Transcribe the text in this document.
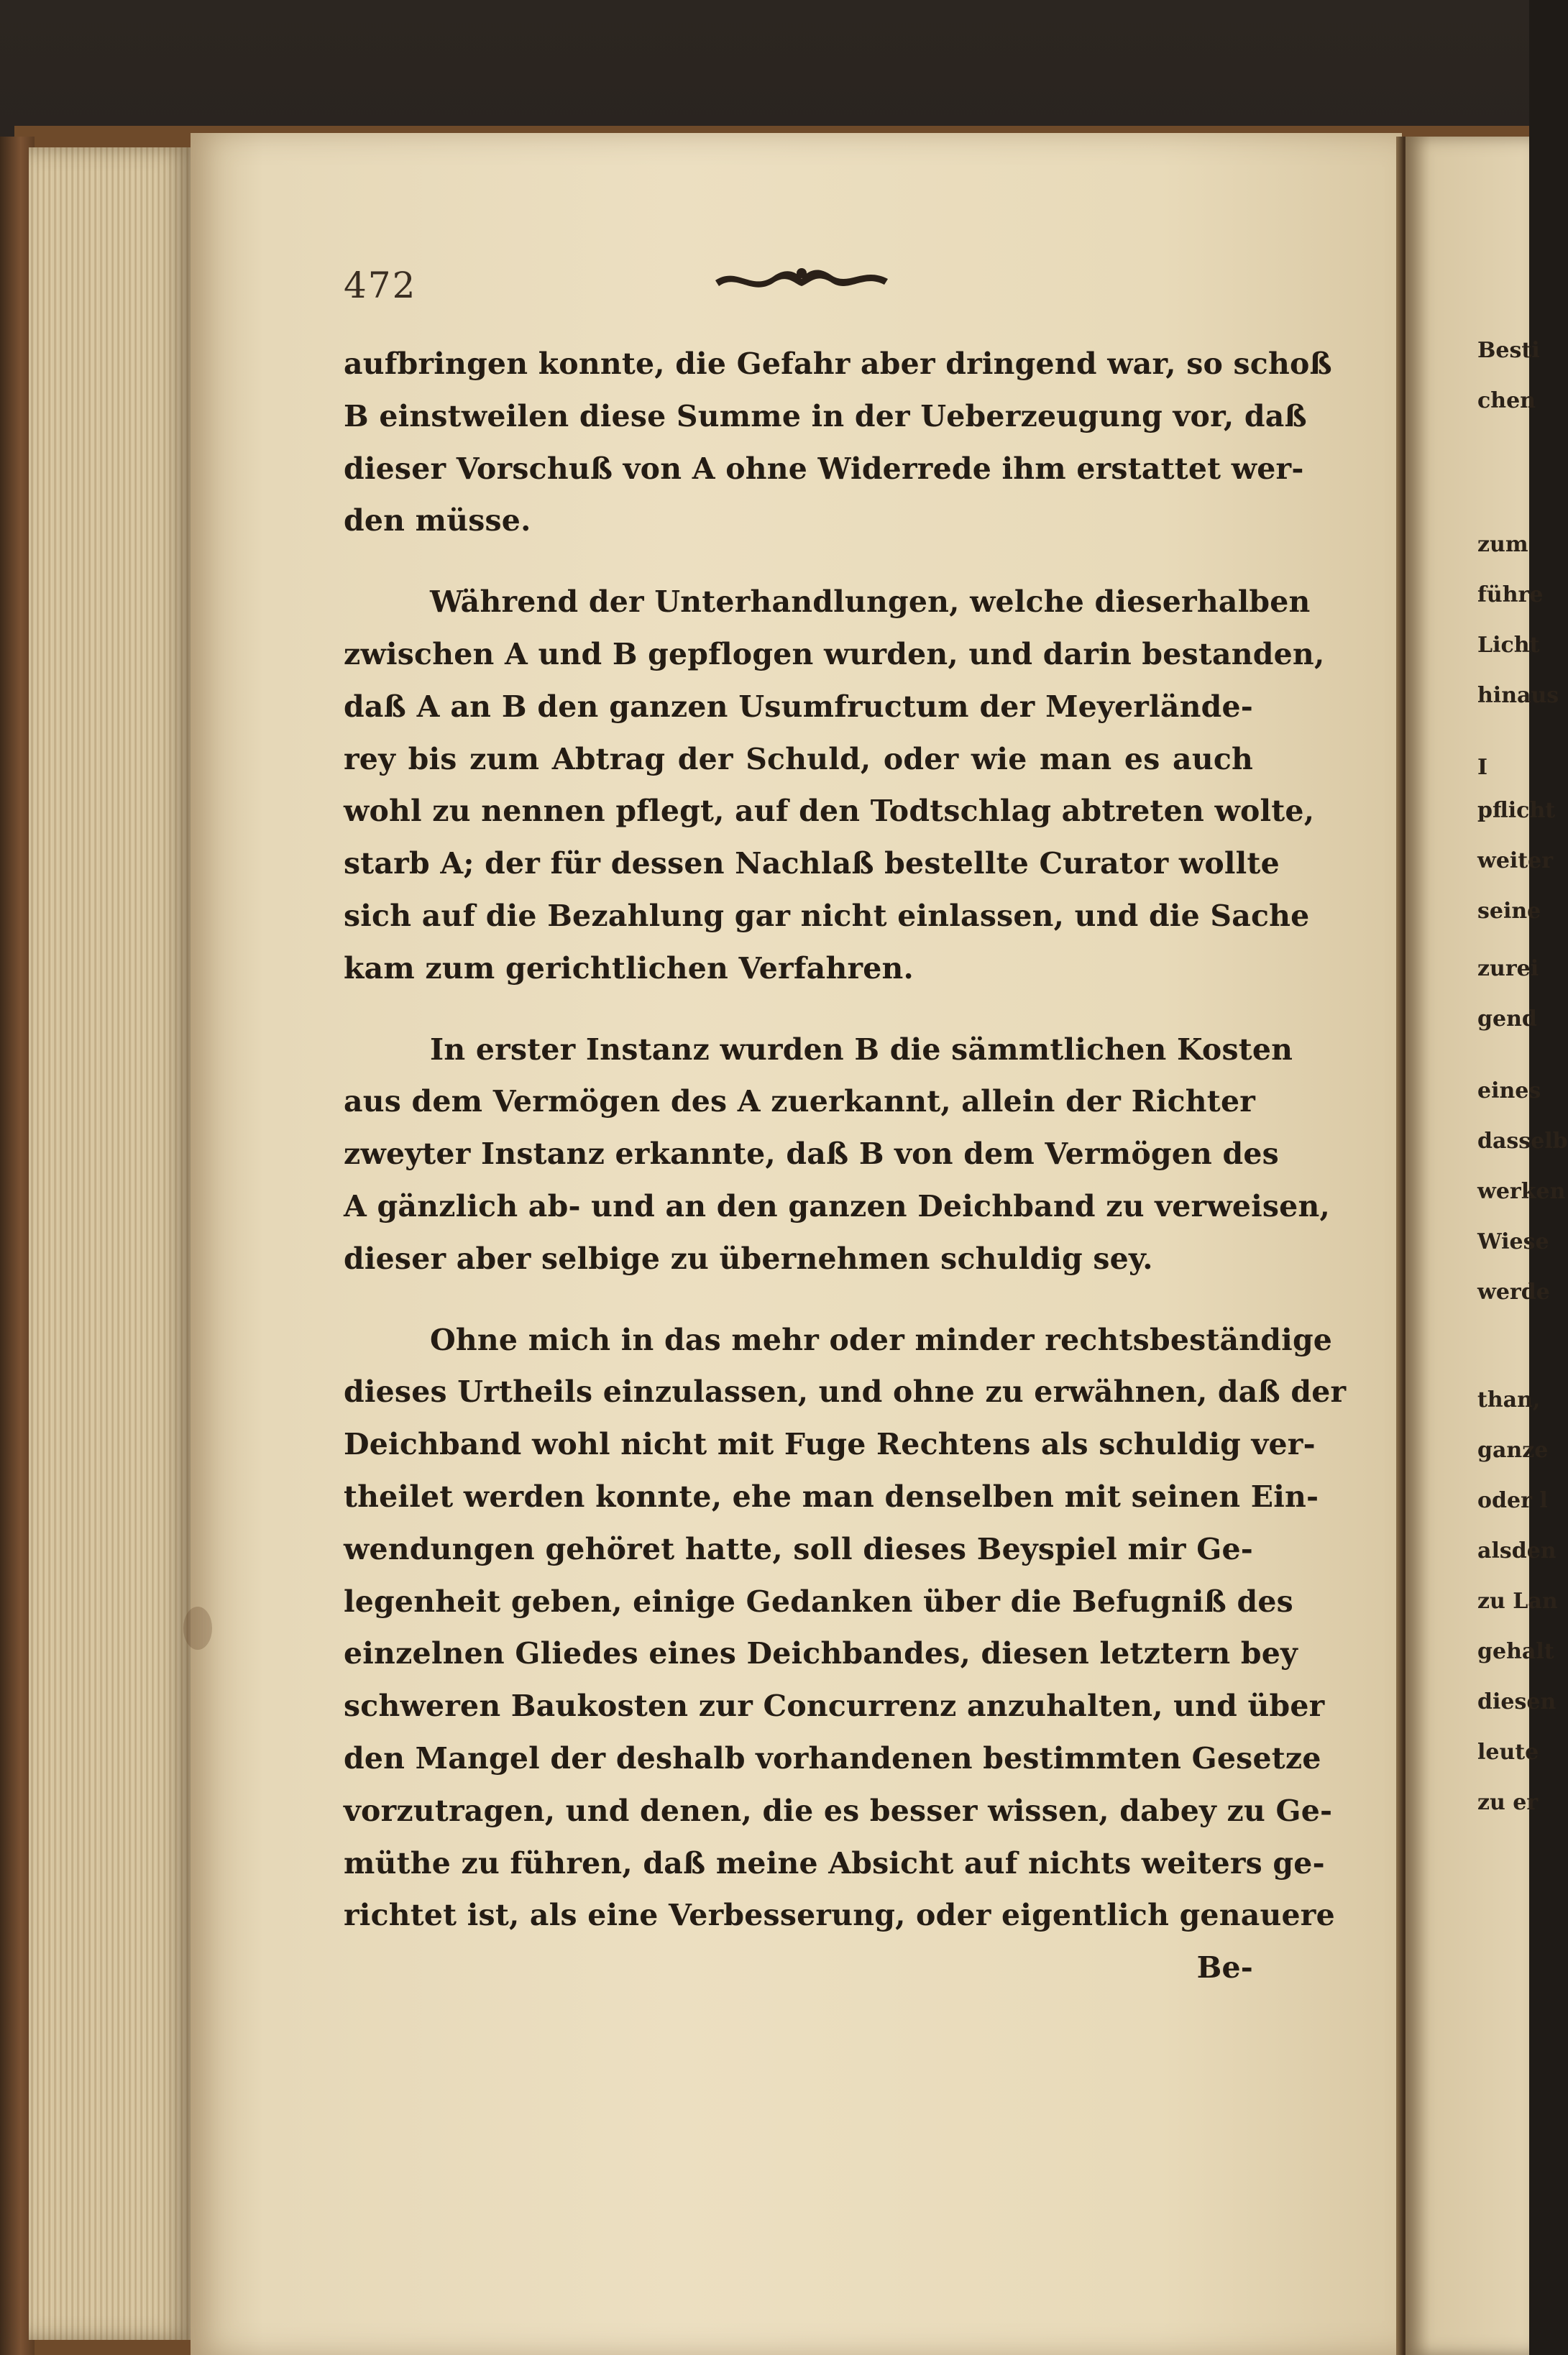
472
aufbringen konnte, die Gefahr aber dringend war, so schoß
B einstweilen diese Summe in der Ueberzeugung vor, daß
dieser Vorschuß von A ohne Widerrede ihm erstattet wer-
den müsse.
Während der Unterhandlungen, welche dieserhalben
zwischen A und B gepflogen wurden, und darin bestanden,
daß A an B den ganzen Usumfructum der Meyerlände-
rey bis zum Abtrag der Schuld, oder wie man es auch
wohl zu nennen pflegt, auf den Todtschlag abtreten wolte,
starb A; der für dessen Nachlaß bestellte Curator wollte
sich auf die Bezahlung gar nicht einlassen, und die Sache
kam zum gerichtlichen Verfahren.
In erster Instanz wurden B die sämmtlichen Kosten
aus dem Vermögen des A zuerkannt, allein der Richter
zweyter Instanz erkannte, daß B von dem Vermögen des
A gänzlich ab- und an den ganzen Deichband zu verweisen,
dieser aber selbige zu übernehmen schuldig sey.
Ohne mich in das mehr oder minder rechtsbeständige
dieses Urtheils einzulassen, und ohne zu erwähnen, daß der
Deichband wohl nicht mit Fuge Rechtens als schuldig ver-
theilet werden konnte, ehe man denselben mit seinen Ein-
wendungen gehöret hatte, soll dieses Beyspiel mir Ge-
legenheit geben, einige Gedanken über die Befugniß des
einzelnen Gliedes eines Deichbandes, diesen letztern bey
schweren Baukosten zur Concurrenz anzuhalten, und über
den Mangel der deshalb vorhandenen bestimmten Gesetze
vorzutragen, und denen, die es besser wissen, dabey zu Ge-
müthe zu führen, daß meine Absicht auf nichts weiters ge-
richtet ist, als eine Verbesserung, oder eigentlich genauere
Be-
Besti
chen
zum
führe
Licht
hinaus
I
pflicht
weiter
seine
zurei
gend
eines
dasselb
werken
Wiese
werde
than,
ganze
oder l
alsden
zu Lan
gehalt
diesen
leute
zu er
